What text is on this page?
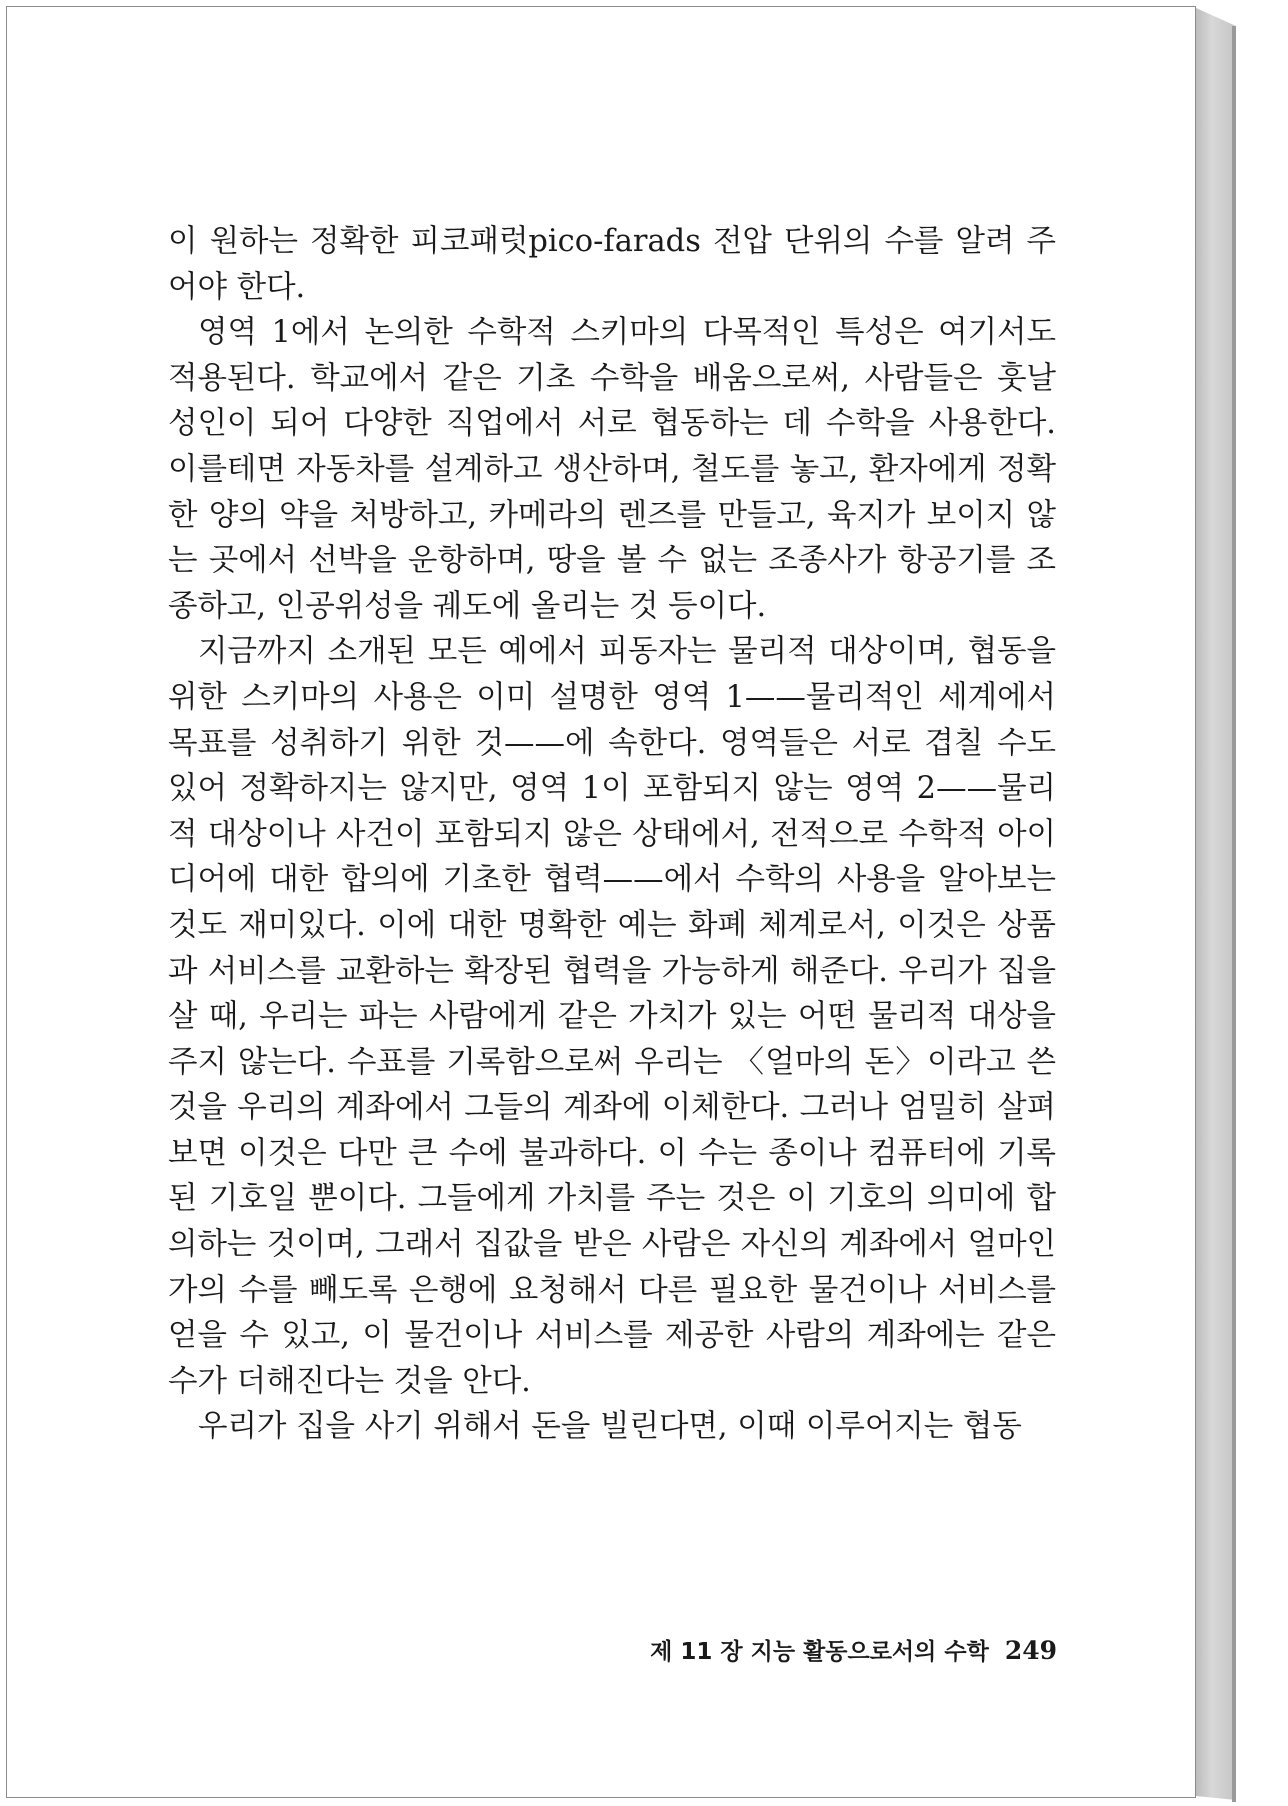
이 원하는 정확한 피코패럿pico-farads 전압 단위의 수를 알려 주어야 한다.

영역 1에서 논의한 수학적 스키마의 다목적인 특성은 여기서도 적용된다. 학교에서 같은 기초 수학을 배움으로써, 사람들은 훗날 성인이 되어 다양한 직업에서 서로 협동하는 데 수학을 사용한다. 이를테면 자동차를 설계하고 생산하며, 철도를 놓고, 환자에게 정확한 양의 약을 처방하고, 카메라의 렌즈를 만들고, 육지가 보이지 않는 곳에서 선박을 운항하며, 땅을 볼 수 없는 조종사가 항공기를 조종하고, 인공위성을 궤도에 올리는 것 등이다.

지금까지 소개된 모든 예에서 피동자는 물리적 대상이며, 협동을 위한 스키마의 사용은 이미 설명한 영역 1——물리적인 세계에서 목표를 성취하기 위한 것——에 속한다. 영역들은 서로 겹칠 수도 있어 정확하지는 않지만, 영역 1이 포함되지 않는 영역 2——물리적 대상이나 사건이 포함되지 않은 상태에서, 전적으로 수학적 아이디어에 대한 합의에 기초한 협력——에서 수학의 사용을 알아보는 것도 재미있다. 이에 대한 명확한 예는 화폐 체계로서, 이것은 상품과 서비스를 교환하는 확장된 협력을 가능하게 해준다. 우리가 집을 살 때, 우리는 파는 사람에게 같은 가치가 있는 어떤 물리적 대상을 주지 않는다. 수표를 기록함으로써 우리는 〈얼마의 돈〉이라고 쓴 것을 우리의 계좌에서 그들의 계좌에 이체한다. 그러나 엄밀히 살펴보면 이것은 다만 큰 수에 불과하다. 이 수는 종이나 컴퓨터에 기록된 기호일 뿐이다. 그들에게 가치를 주는 것은 이 기호의 의미에 합의하는 것이며, 그래서 집값을 받은 사람은 자신의 계좌에서 얼마인가의 수를 빼도록 은행에 요청해서 다른 필요한 물건이나 서비스를 얻을 수 있고, 이 물건이나 서비스를 제공한 사람의 계좌에는 같은 수가 더해진다는 것을 안다.

우리가 집을 사기 위해서 돈을 빌린다면, 이때 이루어지는 협동

제 11 장 지능 활동으로서의 수학 249
